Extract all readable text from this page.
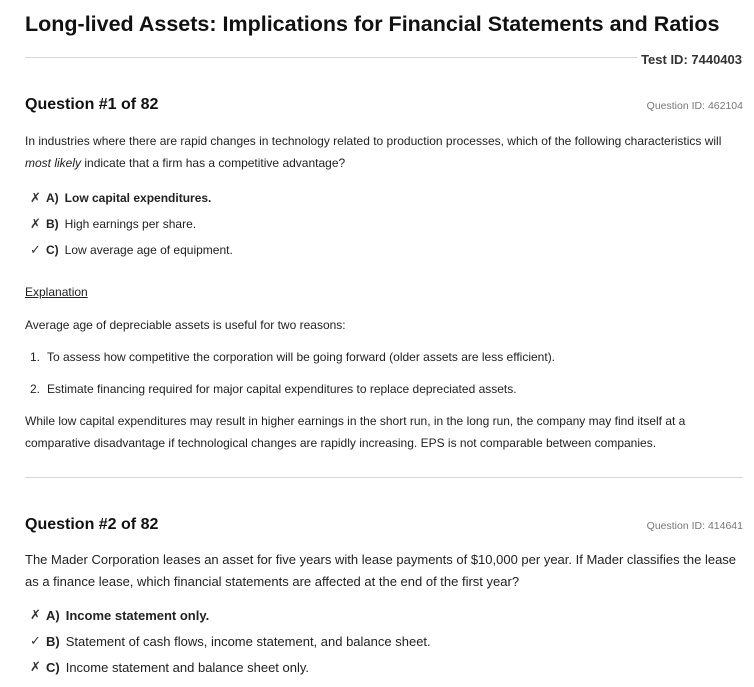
Long-lived Assets: Implications for Financial Statements and Ratios
Test ID: 7440403
Question #1 of 82	Question ID: 462104

In industries where there are rapid changes in technology related to production processes, which of the following characteristics will most likely indicate that a firm has a competitive advantage?

✗ A) Low capital expenditures.
✗ B) High earnings per share.
✓ C) Low average age of equipment.
Explanation

Average age of depreciable assets is useful for two reasons:

1. To assess how competitive the corporation will be going forward (older assets are less efficient).
2. Estimate financing required for major capital expenditures to replace depreciated assets.

While low capital expenditures may result in higher earnings in the short run, in the long run, the company may find itself at a comparative disadvantage if technological changes are rapidly increasing. EPS is not comparable between companies.

Question #2 of 82	Question ID: 414641

The Mader Corporation leases an asset for five years with lease payments of $10,000 per year. If Mader classifies the lease as a finance lease, which financial statements are affected at the end of the first year?

✗ A) Income statement only.
✓ B) Statement of cash flows, income statement, and balance sheet.
✗ C) Income statement and balance sheet only.
